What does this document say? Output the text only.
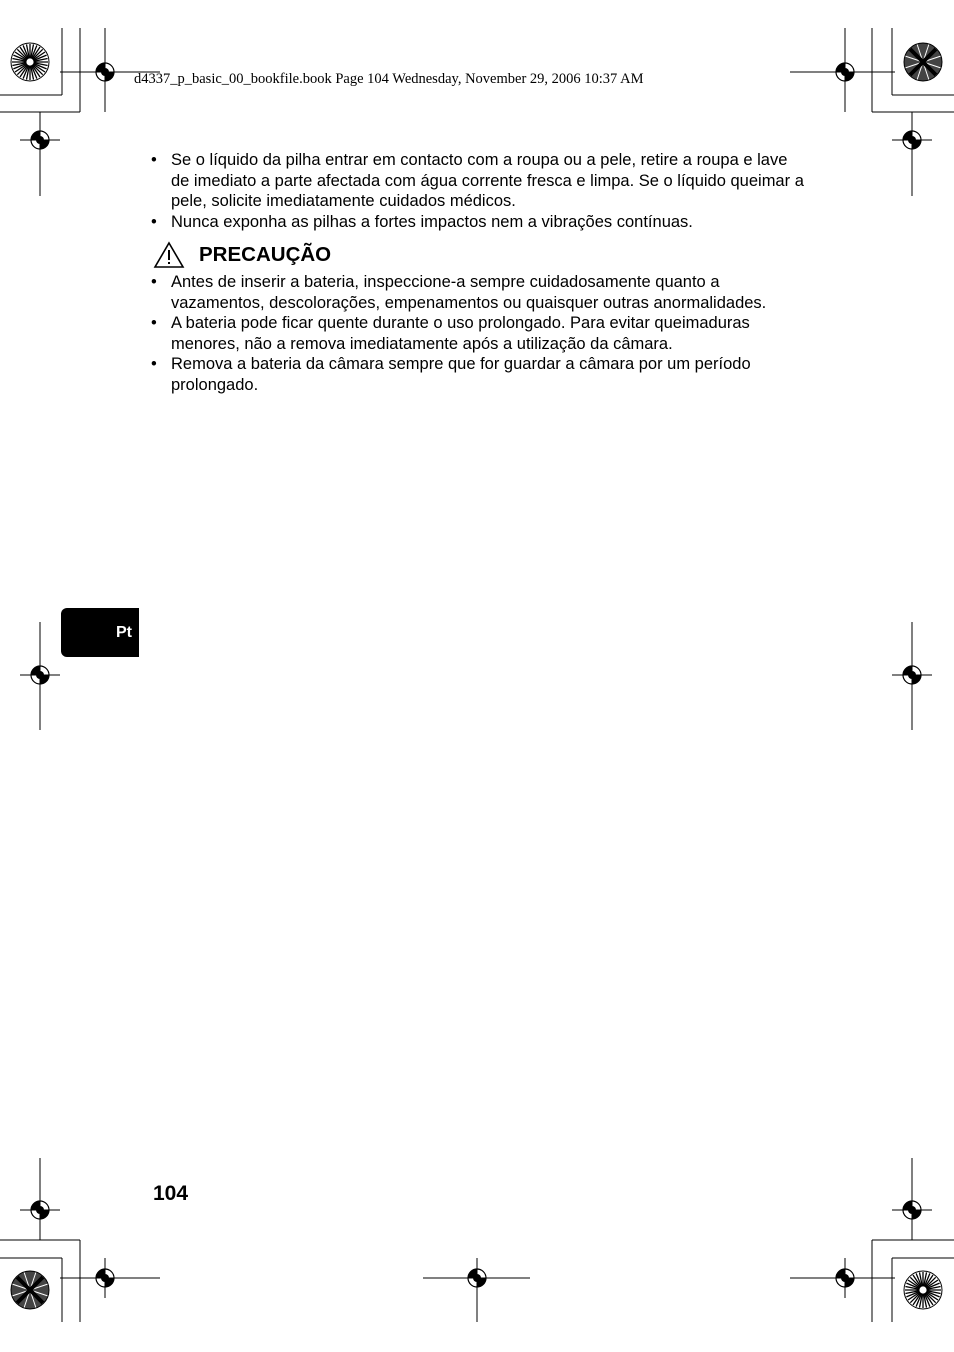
d4337_p_basic_00_bookfile.book Page 104 Wednesday, November 29, 2006 10:37 AM
• Se o líquido da pilha entrar em contacto com a roupa ou a pele, retire a roupa e lave de imediato a parte afectada com água corrente fresca e limpa. Se o líquido queimar a pele, solicite imediatamente cuidados médicos.
• Nunca exponha as pilhas a fortes impactos nem a vibrações contínuas.
PRECAUÇÃO
• Antes de inserir a bateria, inspeccione-a sempre cuidadosamente quanto a vazamentos, descolorações, empenamentos ou quaisquer outras anormalidades.
• A bateria pode ficar quente durante o uso prolongado. Para evitar queimaduras menores, não a remova imediatamente após a utilização da câmara.
• Remova a bateria da câmara sempre que for guardar a câmara por um período prolongado.
Pt
104
